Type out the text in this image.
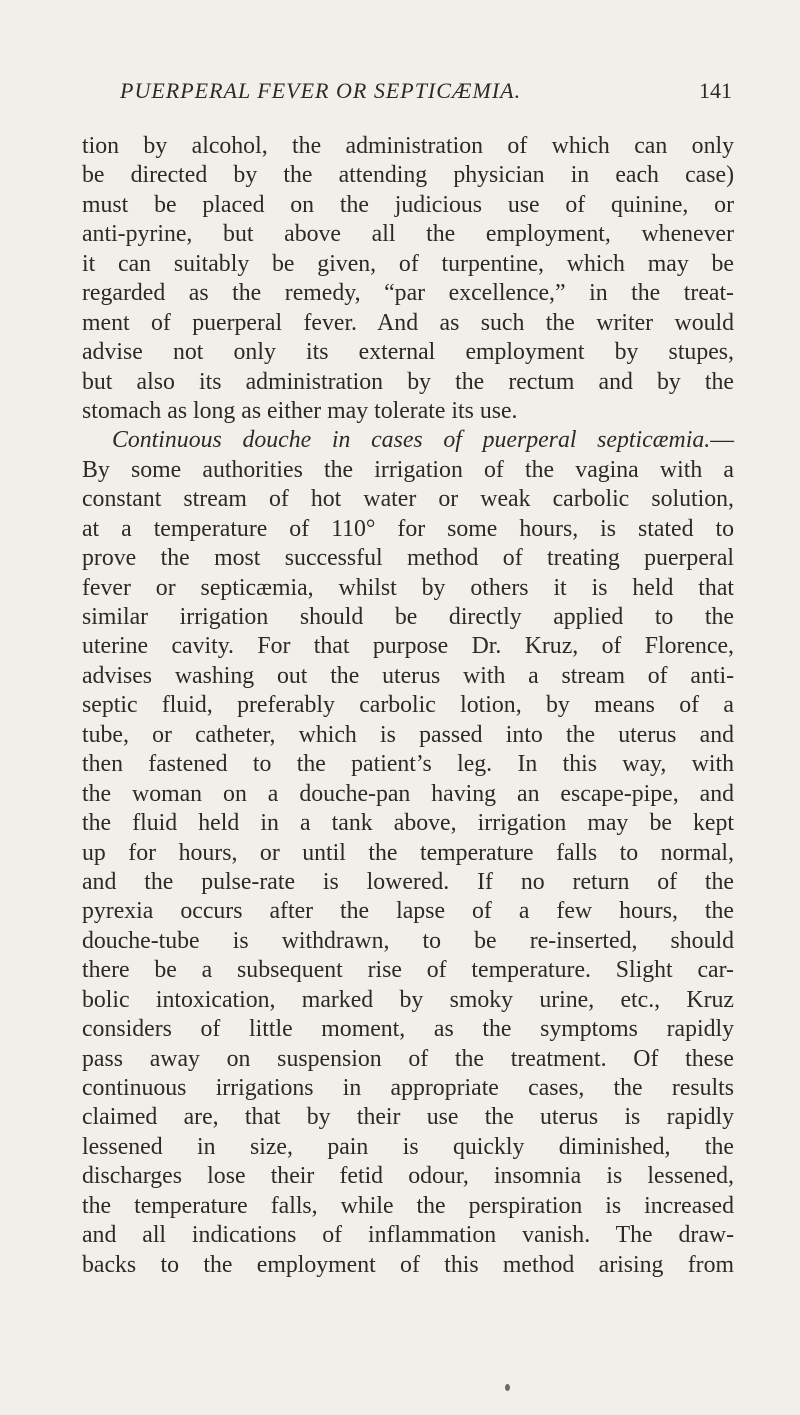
PUERPERAL FEVER OR SEPTICÆMIA.	141
tion by alcohol, the administration of which can only
be directed by the attending physician in each case)
must be placed on the judicious use of quinine, or
anti-pyrine, but above all the employment, whenever
it can suitably be given, of turpentine, which may be
regarded as the remedy, “par excellence,” in the treat-
ment of puerperal fever. And as such the writer would
advise not only its external employment by stupes,
but also its administration by the rectum and by the
stomach as long as either may tolerate its use.
Continuous douche in cases of puerperal septicæmia.—
By some authorities the irrigation of the vagina with a
constant stream of hot water or weak carbolic solution,
at a temperature of 110° for some hours, is stated to
prove the most successful method of treating puerperal
fever or septicæmia, whilst by others it is held that
similar irrigation should be directly applied to the
uterine cavity. For that purpose Dr. Kruz, of Florence,
advises washing out the uterus with a stream of anti-
septic fluid, preferably carbolic lotion, by means of a
tube, or catheter, which is passed into the uterus and
then fastened to the patient’s leg. In this way, with
the woman on a douche-pan having an escape-pipe, and
the fluid held in a tank above, irrigation may be kept
up for hours, or until the temperature falls to normal,
and the pulse-rate is lowered. If no return of the
pyrexia occurs after the lapse of a few hours, the
douche-tube is withdrawn, to be re-inserted, should
there be a subsequent rise of temperature. Slight car-
bolic intoxication, marked by smoky urine, etc., Kruz
considers of little moment, as the symptoms rapidly
pass away on suspension of the treatment. Of these
continuous irrigations in appropriate cases, the results
claimed are, that by their use the uterus is rapidly
lessened in size, pain is quickly diminished, the
discharges lose their fetid odour, insomnia is lessened,
the temperature falls, while the perspiration is increased
and all indications of inflammation vanish. The draw-
backs to the employment of this method arising from
